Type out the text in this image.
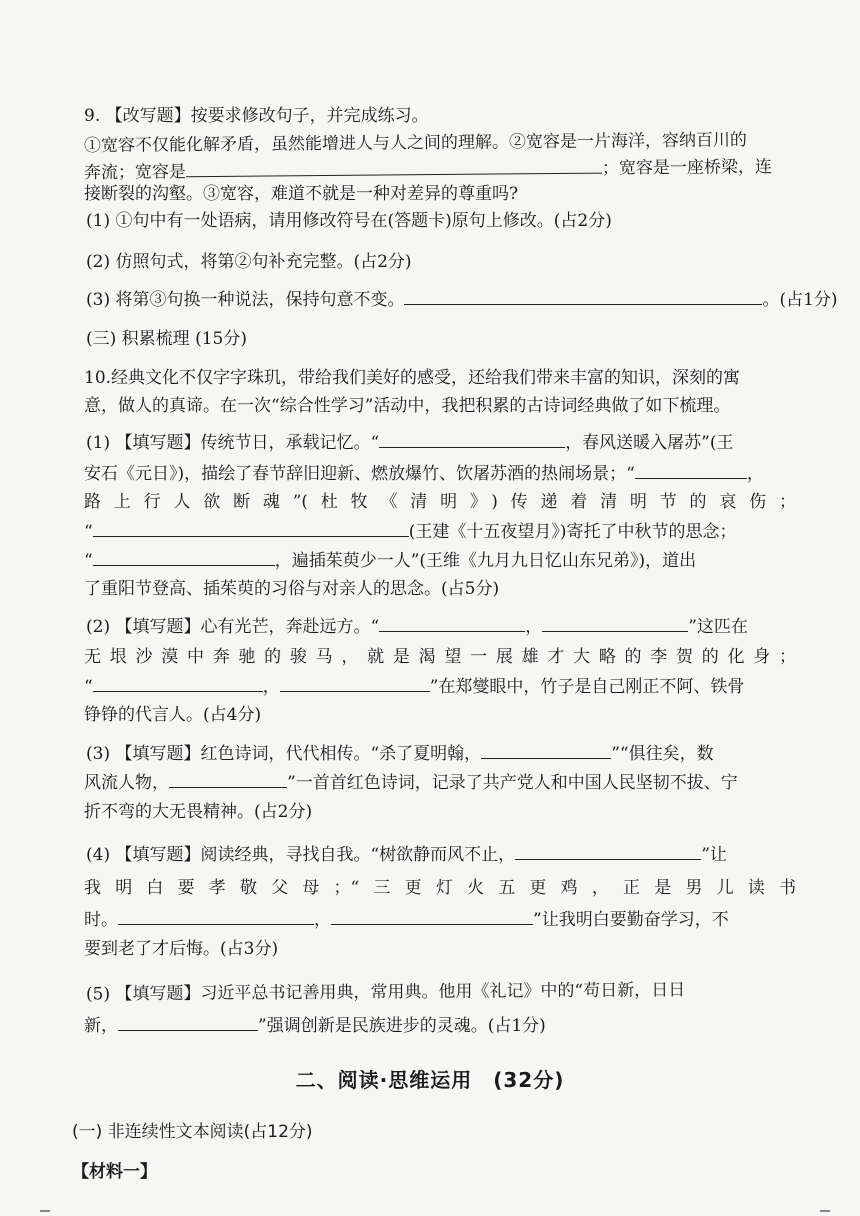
9. 【改写题】按要求修改句子，并完成练习。
①宽容不仅能化解矛盾，虽然能增进人与人之间的理解。②宽容是一片海洋，容纳百川的
奔流；宽容是	；宽容是一座桥梁，连
接断裂的沟壑。③宽容，难道不就是一种对差异的尊重吗?
(1) ①句中有一处语病，请用修改符号在(答题卡)原句上修改。(占2分)
(2) 仿照句式，将第②句补充完整。(占2分)
(3) 将第③句换一种说法，保持句意不变。	。(占1分)
(三) 积累梳理 (15分)
10.经典文化不仅字字珠玑，带给我们美好的感受，还给我们带来丰富的知识，深刻的寓
意，做人的真谛。在一次“综合性学习”活动中，我把积累的古诗词经典做了如下梳理。
(1) 【填写题】传统节日，承载记忆。“	，春风送暖入屠苏”(王
安石《元日》)，描绘了春节辞旧迎新、燃放爆竹、饮屠苏酒的热闹场景；“	，
路上行人欲断魂”(杜牧《清明》)传递着清明节的哀伤；
“	(王建《十五夜望月》)寄托了中秋节的思念；
“	，遍插茱萸少一人”(王维《九月九日忆山东兄弟》)，道出
了重阳节登高、插茱萸的习俗与对亲人的思念。(占5分)
(2) 【填写题】心有光芒，奔赴远方。“	，	”这匹在
无垠沙漠中奔驰的骏马，就是渴望一展雄才大略的李贺的化身；
“	，	”在郑燮眼中，竹子是自己刚正不阿、铁骨
铮铮的代言人。(占4分)
(3) 【填写题】红色诗词，代代相传。“杀了夏明翰，	”“俱往矣，数
风流人物，	”一首首红色诗词，记录了共产党人和中国人民坚韧不拔、宁
折不弯的大无畏精神。(占2分)
(4) 【填写题】阅读经典，寻找自我。“树欲静而风不止，	”让
我明白要孝敬父母；“三更灯火五更鸡，正是男儿读书
时。	，	”让我明白要勤奋学习，不
要到老了才后悔。(占3分)
(5) 【填写题】习近平总书记善用典，常用典。他用《礼记》中的“苟日新，日日
新，	”强调创新是民族进步的灵魂。(占1分)
二、阅读·思维运用　(32分)
(一) 非连续性文本阅读(占12分)
【材料一】
